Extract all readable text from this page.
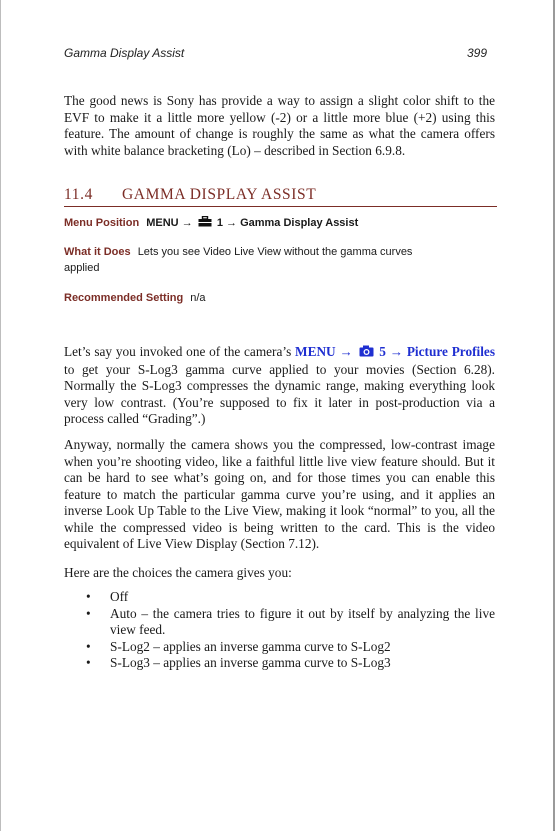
Gamma Display Assist	399

The good news is Sony has provide a way to assign a slight color shift to the EVF to make it a little more yellow (-2) or a little more blue (+2) using this feature. The amount of change is roughly the same as what the camera offers with white balance bracketing (Lo) – described in Section 6.9.8.

11.4 GAMMA DISPLAY ASSIST
Menu Position MENU → 1 → Gamma Display Assist
What it Does Lets you see Video Live View without the gamma curves
applied
Recommended Setting n/a

Let’s say you invoked one of the camera’s MENU → 5 → Picture Profiles to get your S-Log3 gamma curve applied to your movies (Section 6.28). Normally the S-Log3 compresses the dynamic range, making everything look very low contrast. (You’re supposed to fix it later in post-production via a process called “Grading”.)

Anyway, normally the camera shows you the compressed, low-contrast image when you’re shooting video, like a faithful little live view feature should. But it can be hard to see what’s going on, and for those times you can enable this feature to match the particular gamma curve you’re using, and it applies an inverse Look Up Table to the Live View, making it look “normal” to you, all the while the compressed video is being written to the card. This is the video equivalent of Live View Display (Section 7.12).

Here are the choices the camera gives you:

• Off
• Auto – the camera tries to figure it out by itself by analyzing the live view feed.
• S-Log2 – applies an inverse gamma curve to S-Log2
• S-Log3 – applies an inverse gamma curve to S-Log3
